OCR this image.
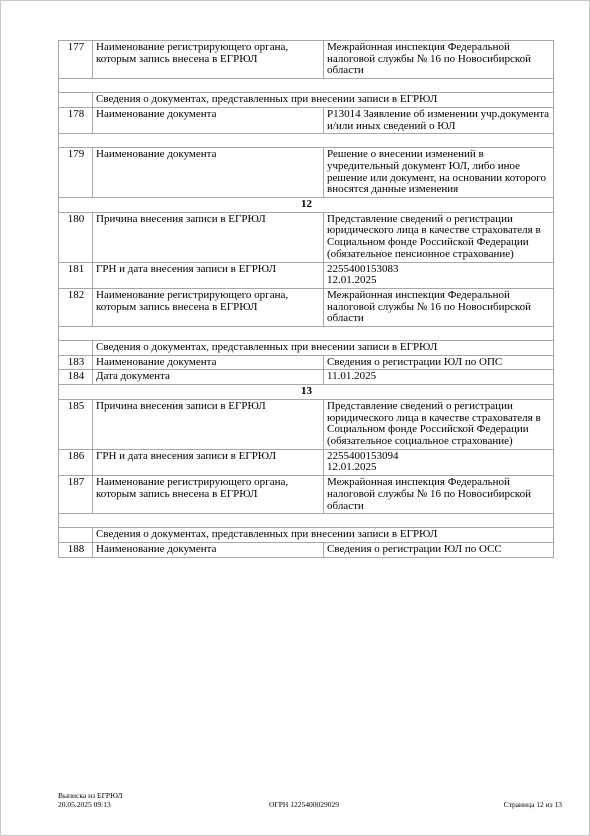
177	Наименование регистрирующего органа, которым запись внесена в ЕГРЮЛ	Межрайонная инспекция Федеральной налоговой службы № 16 по Новосибирской области

	Сведения о документах, представленных при внесении записи в ЕГРЮЛ	
178	Наименование документа	Р13014 Заявление об изменении учр.документа и/или иных сведений о ЮЛ

179	Наименование документа	Решение о внесении изменений в учредительный документ ЮЛ, либо иное решение или документ, на основании которого вносятся данные изменения
12		
180	Причина внесения записи в ЕГРЮЛ	Представление сведений о регистрации юридического лица в качестве страхователя в Социальном фонде Российской Федерации (обязательное пенсионное страхование)
181	ГРН и дата внесения записи в ЕГРЮЛ	2255400153083
12.01.2025
182	Наименование регистрирующего органа, которым запись внесена в ЕГРЮЛ	Межрайонная инспекция Федеральной налоговой службы № 16 по Новосибирской области

	Сведения о документах, представленных при внесении записи в ЕГРЮЛ	
183	Наименование документа	Сведения о регистрации ЮЛ по ОПС
184	Дата документа	11.01.2025
13		
185	Причина внесения записи в ЕГРЮЛ	Представление сведений о регистрации юридического лица в качестве страхователя в Социальном фонде Российской Федерации (обязательное социальное страхование)
186	ГРН и дата внесения записи в ЕГРЮЛ	2255400153094
12.01.2025
187	Наименование регистрирующего органа, которым запись внесена в ЕГРЮЛ	Межрайонная инспекция Федеральной налоговой службы № 16 по Новосибирской области

	Сведения о документах, представленных при внесении записи в ЕГРЮЛ	
188	Наименование документа	Сведения о регистрации ЮЛ по ОСС
Выписка из ЕГРЮЛ
20.05.2025 09:13	ОГРН 1225400029029	Страница 12 из 13
